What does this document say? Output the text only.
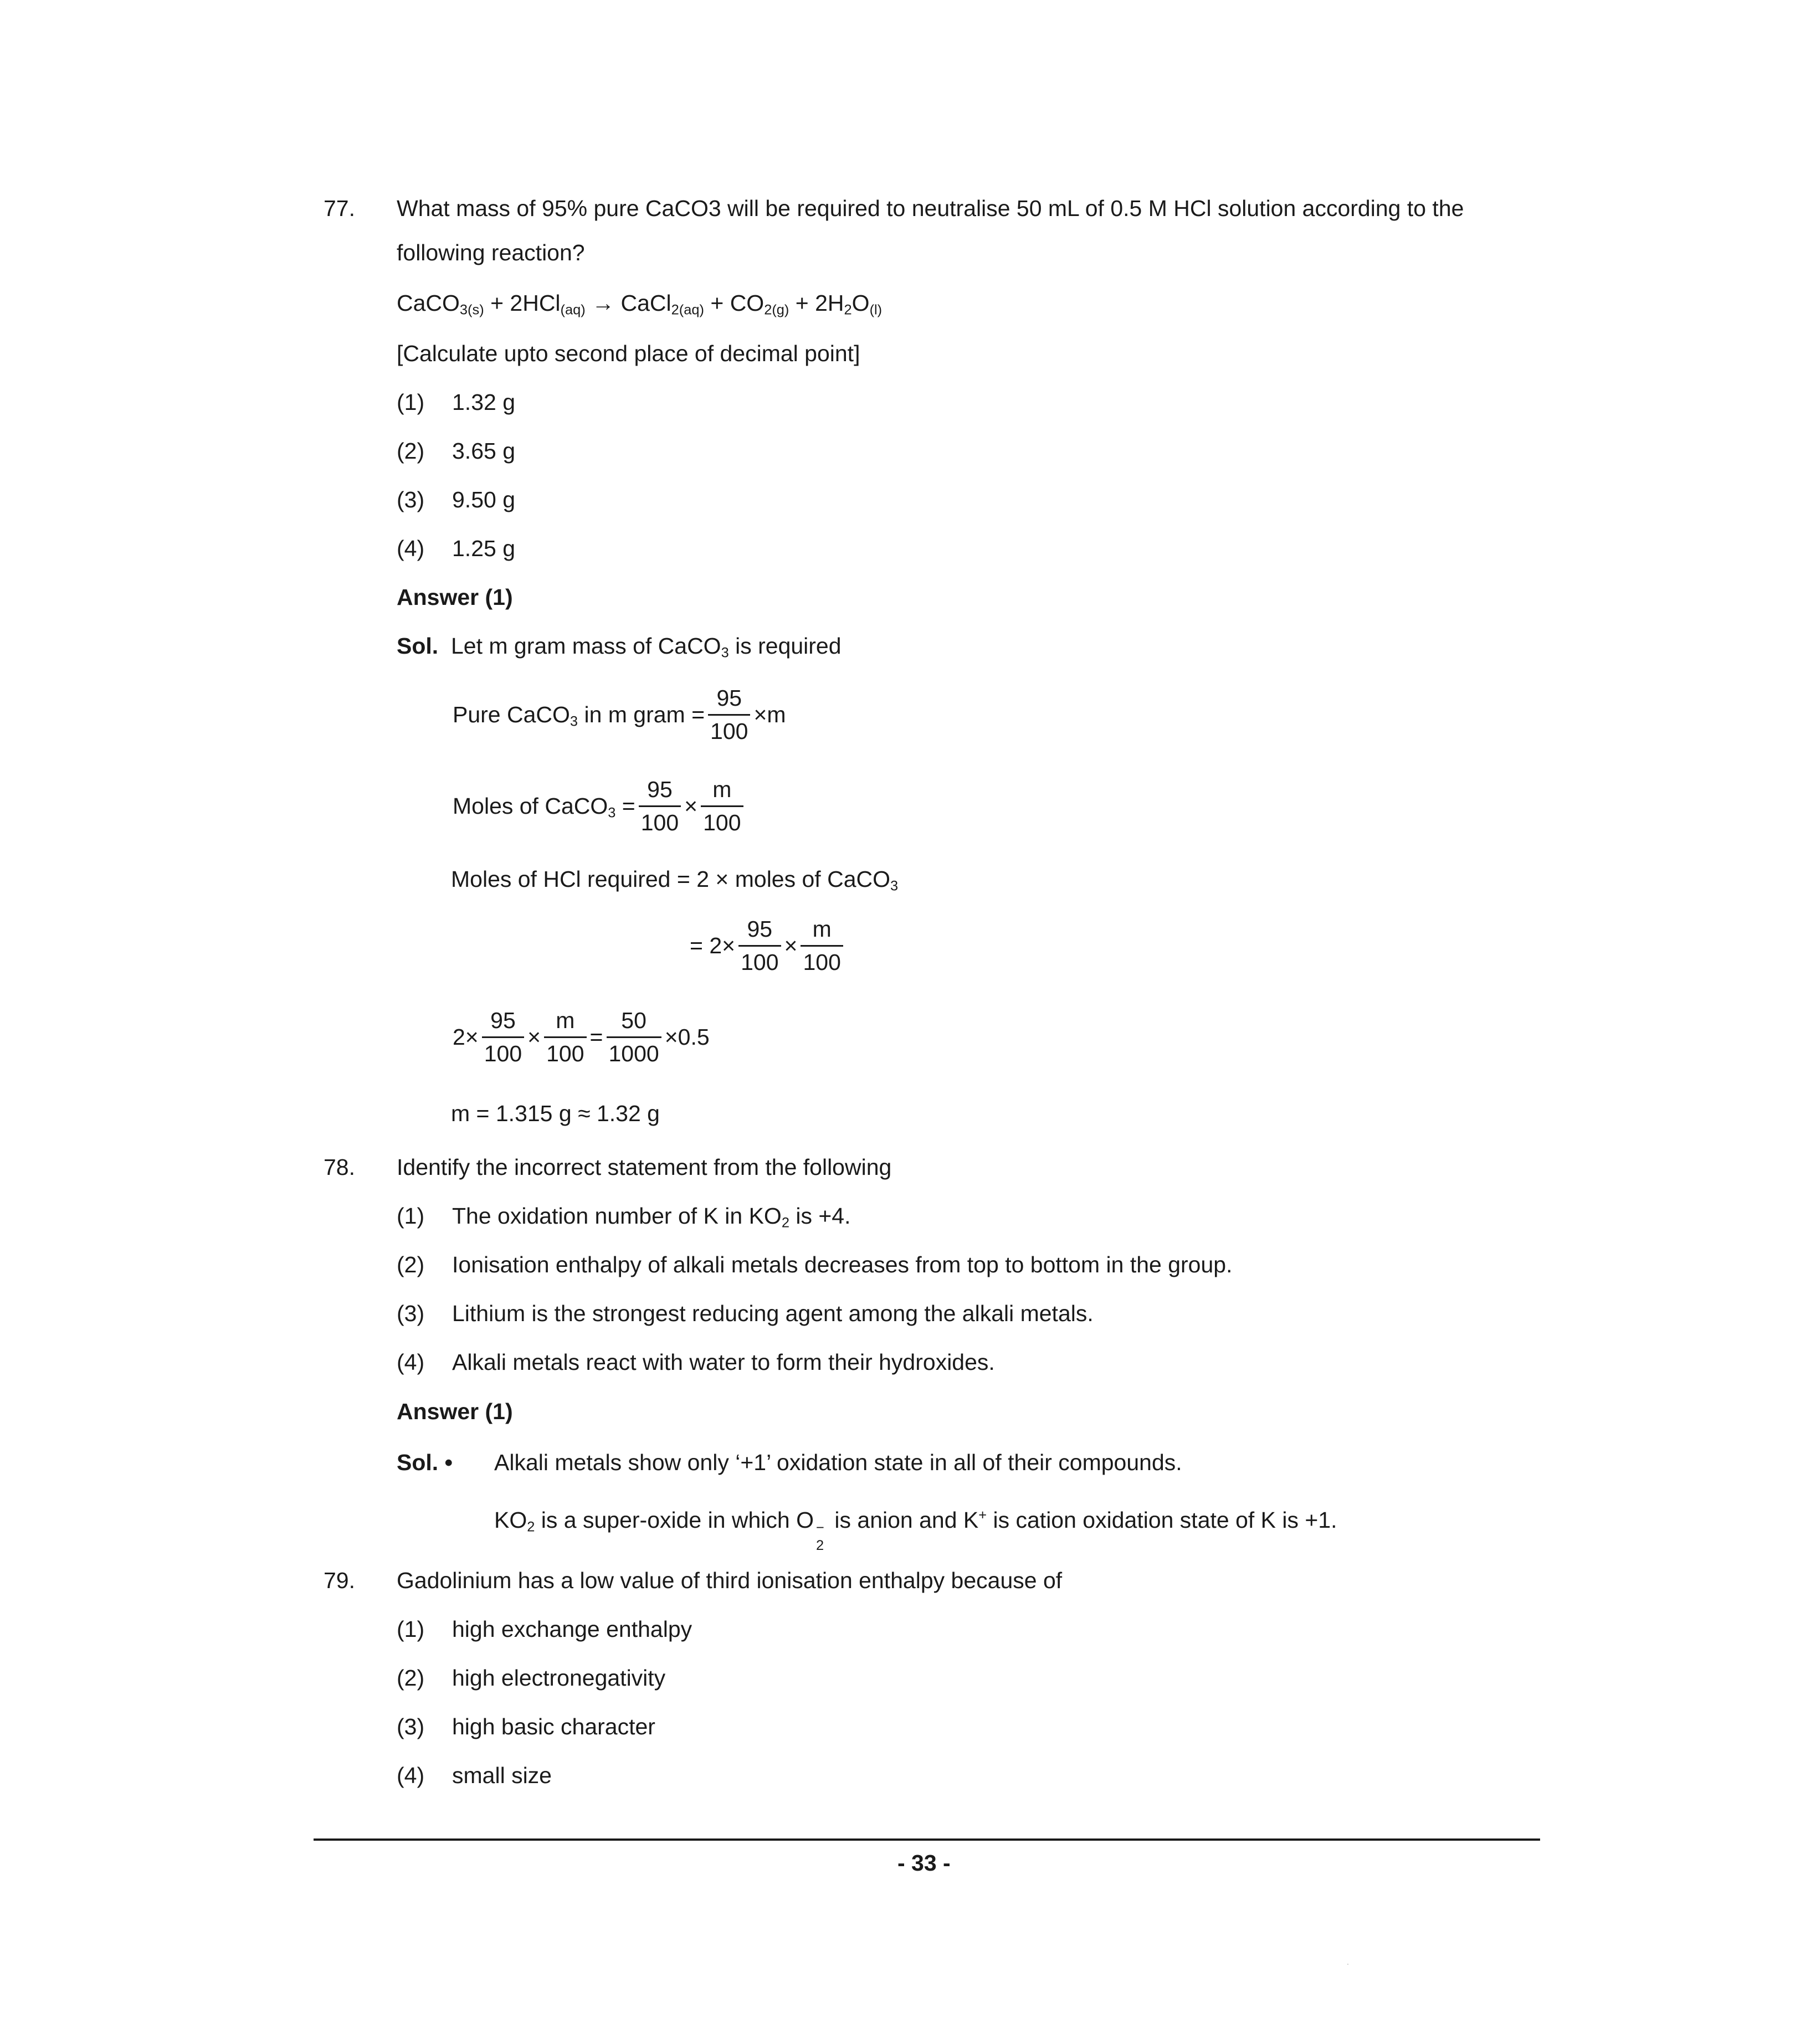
77. What mass of 95% pure CaCO3 will be required to neutralise 50 mL of 0.5 M HCl solution according to the
following reaction?
CaCO$_{3(s)}$ + 2HCl$_{(aq)}$ → CaCl$_{2(aq)}$ + $CO_{2(g)} + 2H_2O_{(l)}$
[Calculate upto second place of decimal point]
(1) 1.32 g
(2) 3.65 g
(3) 9.50 g
(4) 1.25 g
Answer (1)
Sol. Let m gram mass of CaCO$_3$ is required
Pure CaCO$_3$ in m gram = $\frac{95}{100} \times m$
Moles of CaCO$_3$ = $\frac{95}{100} \times \frac{m}{100}$
Moles of HCl required = 2 × moles of CaCO$_3$
= $2\times \frac{95}{100} \times \frac{m}{100}$
$2\times \frac{95}{100} \times \frac{m}{100} = \frac{50}{1000} \times 0.5$
m = 1.315 g ≈ 1.32 g
78. Identify the incorrect statement from the following
(1) The oxidation number of K in $KO_2$ is +4.
(2) Ionisation enthalpy of alkali metals decreases from top to bottom in the group.
(3) Lithium is the strongest reducing agent among the alkali metals.
(4) Alkali metals react with water to form their hydroxides.
Answer (1)
Sol. • Alkali metals show only ‘+1’ oxidation state in all of their compounds.
$KO_2$ is a super-oxide in which O −
2
is anion and K+ is cation oxidation state of K is +1.
79. Gadolinium has a low value of third ionisation enthalpy because of
(1) high exchange enthalpy
(2) high electronegativity
(3) high basic character
(4) small size
- 33 -
